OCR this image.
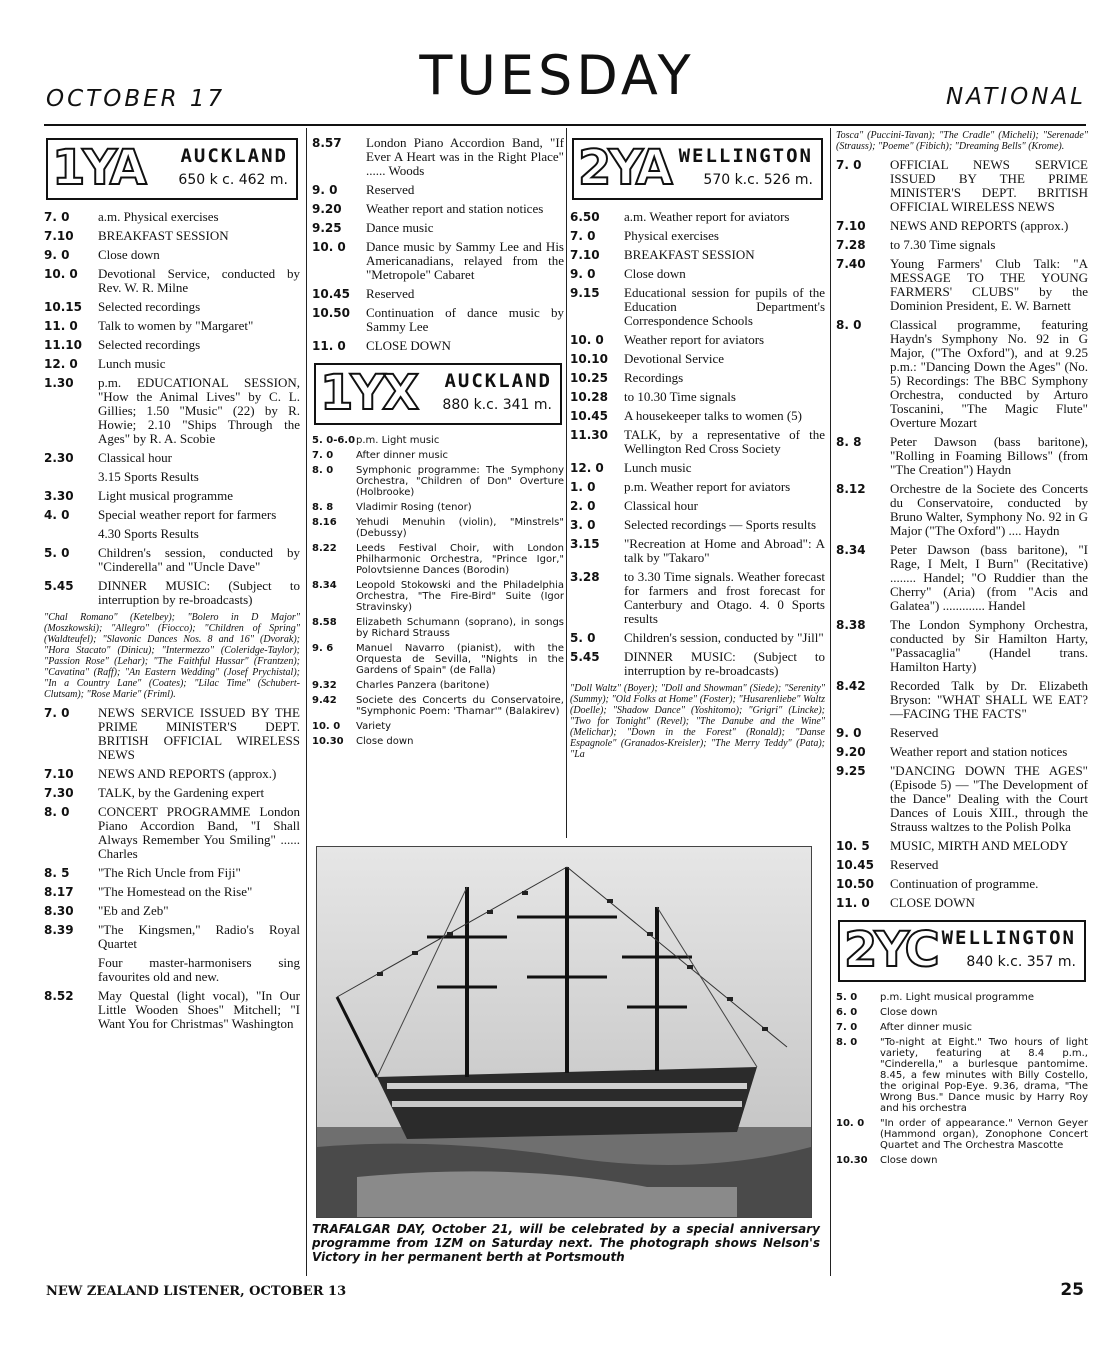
OCTOBER 17	TUESDAY	NATIONAL
1YA AUCKLAND
650 k c. 462 m.
7. 0	a.m. Physical exercises
7.10	BREAKFAST SESSION
9. 0	Close down
10. 0	Devotional Service, conducted by Rev. W. R. Milne
10.15	Selected recordings
11. 0	Talk to women by "Margaret"
11.10	Selected recordings
12. 0	Lunch music
1.30	p.m. EDUCATIONAL SESSION, "How the Animal Lives" by C. L. Gillies; 1.50 "Music" (22) by R. Howie; 2.10 "Ships Through the Ages" by R. A. Scobie
2.30	Classical hour
3.15 Sports Results
3.30	Light musical programme
4. 0	Special weather report for farmers
4.30 Sports Results
5. 0	Children's session, conducted by "Cinderella" and "Uncle Dave"
5.45	DINNER MUSIC: (Subject to interruption by re-broadcasts)
"Chal Romano" (Ketelbey); "Bolero in D Major" (Moszkowski); "Allegro" (Fiocco); "Children of Spring" (Waldteufel); "Slavonic Dances Nos. 8 and 16" (Dvorak); "Hora Stacato" (Dinicu); "Intermezzo" (Coleridge-Taylor); "Passion Rose" (Lehar); "The Faithful Hussar" (Frantzen); "Cavatina" (Raff); "An Eastern Wedding" (Josef Prychistal); "In a Country Lane" (Coates); "Lilac Time" (Schubert-Clutsam); "Rose Marie" (Friml).
7. 0	NEWS SERVICE ISSUED BY THE PRIME MINISTER'S DEPT. BRITISH OFFICIAL WIRELESS NEWS
7.10	NEWS AND REPORTS (approx.)
7.30	TALK, by the Gardening expert
8. 0	CONCERT PROGRAMME London Piano Accordion Band, "I Shall Always Remember You Smiling" ...... Charles
8. 5	"The Rich Uncle from Fiji"
8.17	"The Homestead on the Rise"
8.30	"Eb and Zeb"
8.39	"The Kingsmen," Radio's Royal Quartet
Four master-harmonisers sing favourites old and new.
8.52	May Questal (light vocal), "In Our Little Wooden Shoes" Mitchell; "I Want You for Christmas" Washington
8.57	London Piano Accordion Band, "If Ever A Heart was in the Right Place" ...... Woods
9. 0	Reserved
9.20	Weather report and station notices
9.25	Dance music
10. 0	Dance music by Sammy Lee and His Americanadians, relayed from the "Metropole" Cabaret
10.45	Reserved
10.50	Continuation of dance music by Sammy Lee
11. 0	CLOSE DOWN
1YX AUCKLAND
880 k.c. 341 m.
5. 0-6.0 p.m. Light music
7. 0	After dinner music
8. 0	Symphonic programme: The Symphony Orchestra, "Children of Don" Overture (Holbrooke)
8. 8	Vladimir Rosing (tenor)
8.16	Yehudi Menuhin (violin), "Minstrels" (Debussy)
8.22	Leeds Festival Choir, with London Philharmonic Orchestra, "Prince Igor," Polovtsienne Dances (Borodin)
8.34	Leopold Stokowski and the Philadelphia Orchestra, "The Fire-Bird" Suite (Igor Stravinsky)
8.58	Elizabeth Schumann (soprano), in songs by Richard Strauss
9. 6	Manuel Navarro (pianist), with the Orquesta de Sevilla, "Nights in the Gardens of Spain" (de Falla)
9.32	Charles Panzera (baritone)
9.42	Societe des Concerts du Conservatoire, "Symphonic Poem: 'Thamar'" (Balakirev)
10. 0	Variety
10.30	Close down
2YA WELLINGTON
570 k.c. 526 m.
6.50	a.m. Weather report for aviators
7. 0	Physical exercises
7.10	BREAKFAST SESSION
9. 0	Close down
9.15	Educational session for pupils of the Education Department's Correspondence Schools
10. 0	Weather report for aviators
10.10	Devotional Service
10.25	Recordings
10.28	to 10.30 Time signals
10.45	A housekeeper talks to women (5)
11.30	TALK, by a representative of the Wellington Red Cross Society
12. 0	Lunch music
1. 0	p.m. Weather report for aviators
2. 0	Classical hour
3. 0	Selected recordings — Sports results
3.15	"Recreation at Home and Abroad": A talk by "Takaro"
3.28	to 3.30 Time signals. Weather forecast for farmers and frost forecast for Canterbury and Otago. 4. 0 Sports results
5. 0	Children's session, conducted by "Jill"
5.45	DINNER MUSIC: (Subject to interruption by re-broadcasts)
"Doll Waltz" (Boyer); "Doll and Showman" (Siede); "Serenity" (Summy); "Old Folks at Home" (Foster); "Husarenliebe" Waltz (Doelle); "Shadow Dance" (Yoshitomo); "Grigri" (Lincke); "Two for Tonight" (Revel); "The Danube and the Wine" (Melichar); "Down in the Forest" (Ronald); "Danse Espagnole" (Granados-Kreisler); "The Merry Teddy" (Pata); "La
Tosca" (Puccini-Tavan); "The Cradle" (Micheli); "Serenade" (Strauss); "Poeme" (Fibich); "Dreaming Bells" (Krome).
7. 0	OFFICIAL NEWS SERVICE ISSUED BY THE PRIME MINISTER'S DEPT. BRITISH OFFICIAL WIRELESS NEWS
7.10	NEWS AND REPORTS (approx.)
7.28	to 7.30 Time signals
7.40	Young Farmers' Club Talk: "A MESSAGE TO THE YOUNG FARMERS' CLUBS" by the Dominion President, E. W. Barnett
8. 0	Classical programme, featuring Haydn's Symphony No. 92 in G Major, ("The Oxford"), and at 9.25 p.m.: "Dancing Down the Ages" (No. 5) Recordings: The BBC Symphony Orchestra, conducted by Arturo Toscanini, "The Magic Flute" Overture Mozart
8. 8	Peter Dawson (bass baritone), "Rolling in Foaming Billows" (from "The Creation") Haydn
8.12	Orchestre de la Societe des Concerts du Conservatoire, conducted by Bruno Walter, Symphony No. 92 in G Major ("The Oxford") .... Haydn
8.34	Peter Dawson (bass baritone), "I Rage, I Melt, I Burn" (Recitative) ........ Handel; "O Ruddier than the Cherry" (Aria) (from "Acis and Galatea") ............. Handel
8.38	The London Symphony Orchestra, conducted by Sir Hamilton Harty, "Passacaglia" (Handel trans. Hamilton Harty)
8.42	Recorded Talk by Dr. Elizabeth Bryson: "WHAT SHALL WE EAT? —FACING THE FACTS"
9. 0	Reserved
9.20	Weather report and station notices
9.25	"DANCING DOWN THE AGES" (Episode 5) — "The Development of the Dance" Dealing with the Court Dances of Louis XIII., through the Strauss waltzes to the Polish Polka
10. 5	MUSIC, MIRTH AND MELODY
10.45	Reserved
10.50	Continuation of programme.
11. 0	CLOSE DOWN
2YC WELLINGTON
840 k.c. 357 m.
5. 0	p.m. Light musical programme
6. 0	Close down
7. 0	After dinner music
8. 0	"To-night at Eight." Two hours of light variety, featuring at 8.4 p.m., "Cinderella," a burlesque pantomime. 8.45, a few minutes with Billy Costello, the original Pop-Eye. 9.36, drama, "The Wrong Bus." Dance music by Harry Roy and his orchestra
10. 0	"In order of appearance." Vernon Geyer (Hammond organ), Zonophone Concert Quartet and The Orchestra Mascotte
10.30	Close down
TRAFALGAR DAY, October 21, will be celebrated by a special anniversary programme from 1ZM on Saturday next. The photograph shows Nelson's Victory in her permanent berth at Portsmouth
NEW ZEALAND LISTENER, OCTOBER 13	25
